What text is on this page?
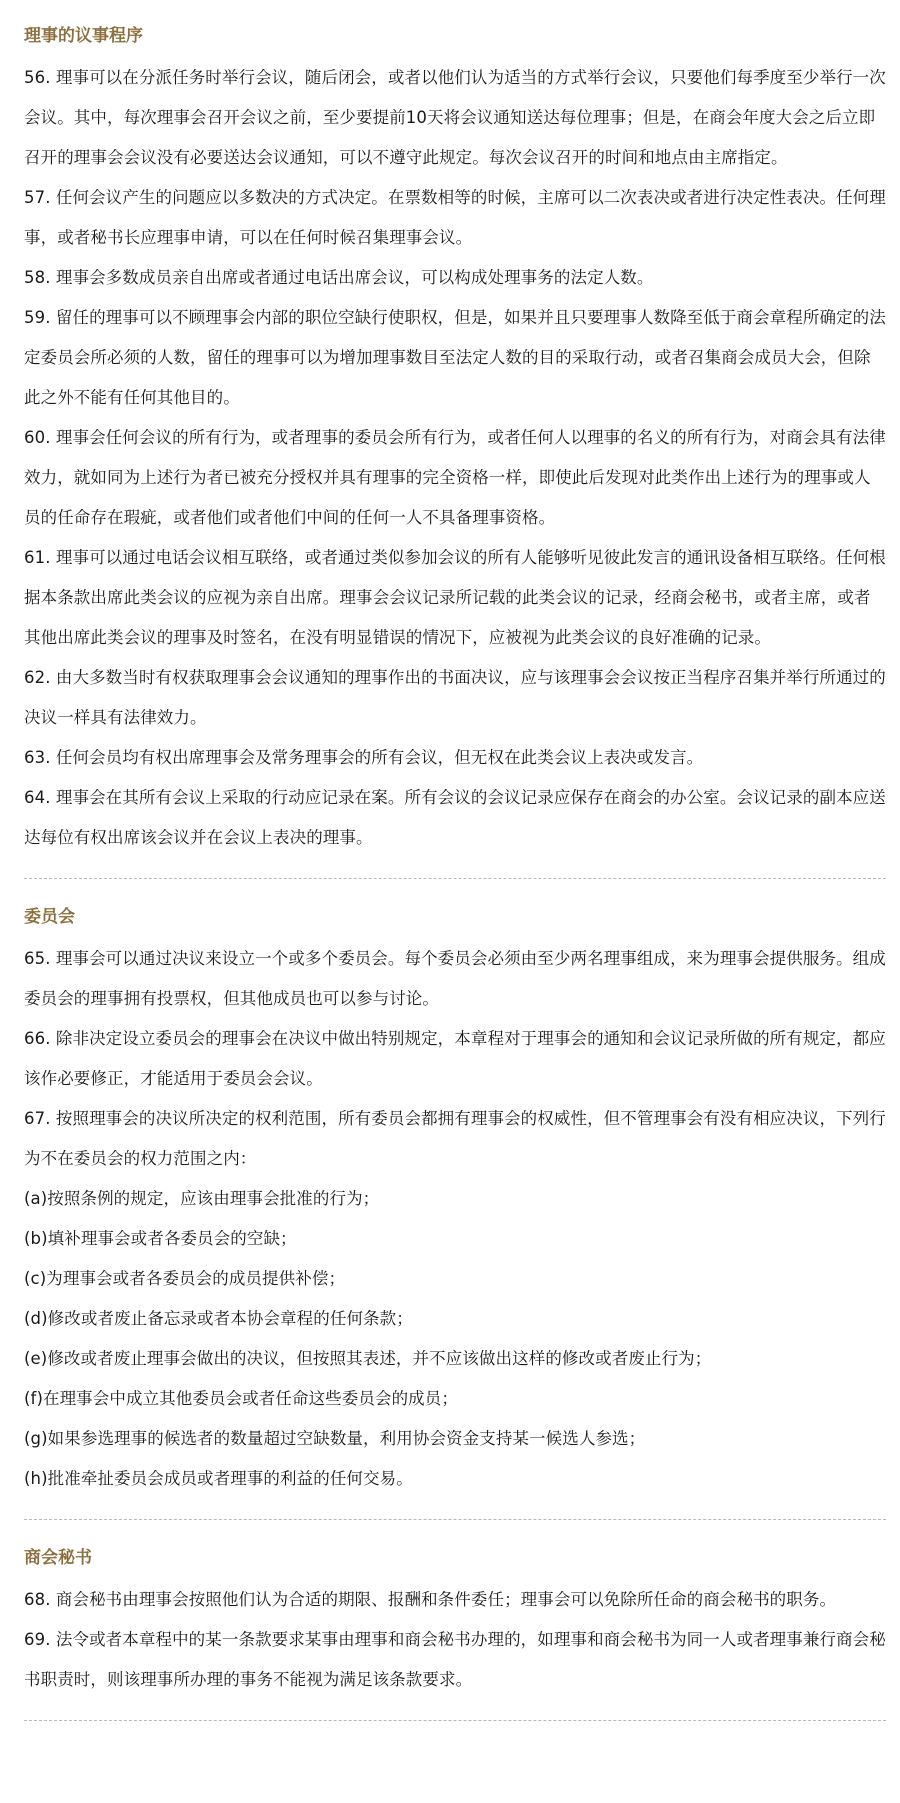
理事的议事程序

56. 理事可以在分派任务时举行会议，随后闭会，或者以他们认为适当的方式举行会议，只要他们每季度至少举行一次会议。其中，每次理事会召开会议之前，至少要提前10天将会议通知送达每位理事；但是，在商会年度大会之后立即召开的理事会会议没有必要送达会议通知，可以不遵守此规定。每次会议召开的时间和地点由主席指定。

57. 任何会议产生的问题应以多数决的方式决定。在票数相等的时候，主席可以二次表决或者进行决定性表决。任何理事，或者秘书长应理事申请，可以在任何时候召集理事会议。

58. 理事会多数成员亲自出席或者通过电话出席会议，可以构成处理事务的法定人数。

59. 留任的理事可以不顾理事会内部的职位空缺行使职权，但是，如果并且只要理事人数降至低于商会章程所确定的法定委员会所必须的人数，留任的理事可以为增加理事数目至法定人数的目的采取行动，或者召集商会成员大会，但除此之外不能有任何其他目的。

60. 理事会任何会议的所有行为，或者理事的委员会所有行为，或者任何人以理事的名义的所有行为，对商会具有法律效力，就如同为上述行为者已被充分授权并具有理事的完全资格一样，即使此后发现对此类作出上述行为的理事或人员的任命存在瑕疵，或者他们或者他们中间的任何一人不具备理事资格。

61. 理事可以通过电话会议相互联络，或者通过类似参加会议的所有人能够听见彼此发言的通讯设备相互联络。任何根据本条款出席此类会议的应视为亲自出席。理事会会议记录所记载的此类会议的记录，经商会秘书，或者主席，或者其他出席此类会议的理事及时签名，在没有明显错误的情况下，应被视为此类会议的良好准确的记录。

62. 由大多数当时有权获取理事会会议通知的理事作出的书面决议，应与该理事会会议按正当程序召集并举行所通过的决议一样具有法律效力。

63. 任何会员均有权出席理事会及常务理事会的所有会议，但无权在此类会议上表决或发言。

64. 理事会在其所有会议上采取的行动应记录在案。所有会议的会议记录应保存在商会的办公室。会议记录的副本应送达每位有权出席该会议并在会议上表决的理事。

委员会

65. 理事会可以通过决议来设立一个或多个委员会。每个委员会必须由至少两名理事组成，来为理事会提供服务。组成委员会的理事拥有投票权，但其他成员也可以参与讨论。

66. 除非决定设立委员会的理事会在决议中做出特别规定，本章程对于理事会的通知和会议记录所做的所有规定，都应该作必要修正，才能适用于委员会会议。

67. 按照理事会的决议所决定的权利范围，所有委员会都拥有理事会的权威性，但不管理事会有没有相应决议，下列行为不在委员会的权力范围之内：

(a)按照条例的规定，应该由理事会批准的行为；

(b)填补理事会或者各委员会的空缺；

(c)为理事会或者各委员会的成员提供补偿；

(d)修改或者废止备忘录或者本协会章程的任何条款；

(e)修改或者废止理事会做出的决议，但按照其表述，并不应该做出这样的修改或者废止行为；

(f)在理事会中成立其他委员会或者任命这些委员会的成员；

(g)如果参选理事的候选者的数量超过空缺数量，利用协会资金支持某一候选人参选；

(h)批准牵扯委员会成员或者理事的利益的任何交易。

商会秘书

68. 商会秘书由理事会按照他们认为合适的期限、报酬和条件委任；理事会可以免除所任命的商会秘书的职务。

69. 法令或者本章程中的某一条款要求某事由理事和商会秘书办理的，如理事和商会秘书为同一人或者理事兼行商会秘书职责时，则该理事所办理的事务不能视为满足该条款要求。
